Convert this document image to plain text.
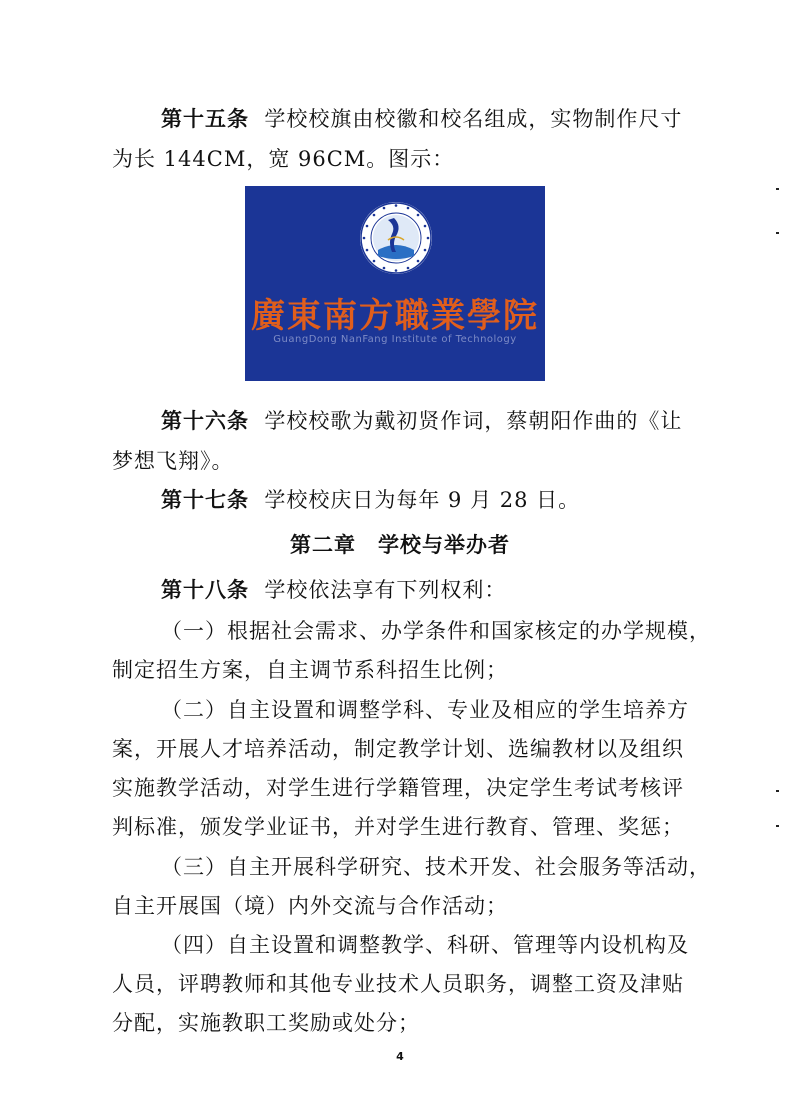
第十五条 学校校旗由校徽和校名组成，实物制作尺寸
为长 144CM，宽 96CM。图示：
廣東南方職業學院
GuangDong NanFang Institute of Technology
第十六条 学校校歌为戴初贤作词，蔡朝阳作曲的《让
梦想飞翔》。
第十七条 学校校庆日为每年 9 月 28 日。
第二章　学校与举办者
第十八条 学校依法享有下列权利：
（一）根据社会需求、办学条件和国家核定的办学规模，
制定招生方案，自主调节系科招生比例；
（二）自主设置和调整学科、专业及相应的学生培养方
案，开展人才培养活动，制定教学计划、选编教材以及组织
实施教学活动，对学生进行学籍管理，决定学生考试考核评
判标准，颁发学业证书，并对学生进行教育、管理、奖惩；
（三）自主开展科学研究、技术开发、社会服务等活动，
自主开展国（境）内外交流与合作活动；
（四）自主设置和调整教学、科研、管理等内设机构及
人员，评聘教师和其他专业技术人员职务，调整工资及津贴
分配，实施教职工奖励或处分；
4
